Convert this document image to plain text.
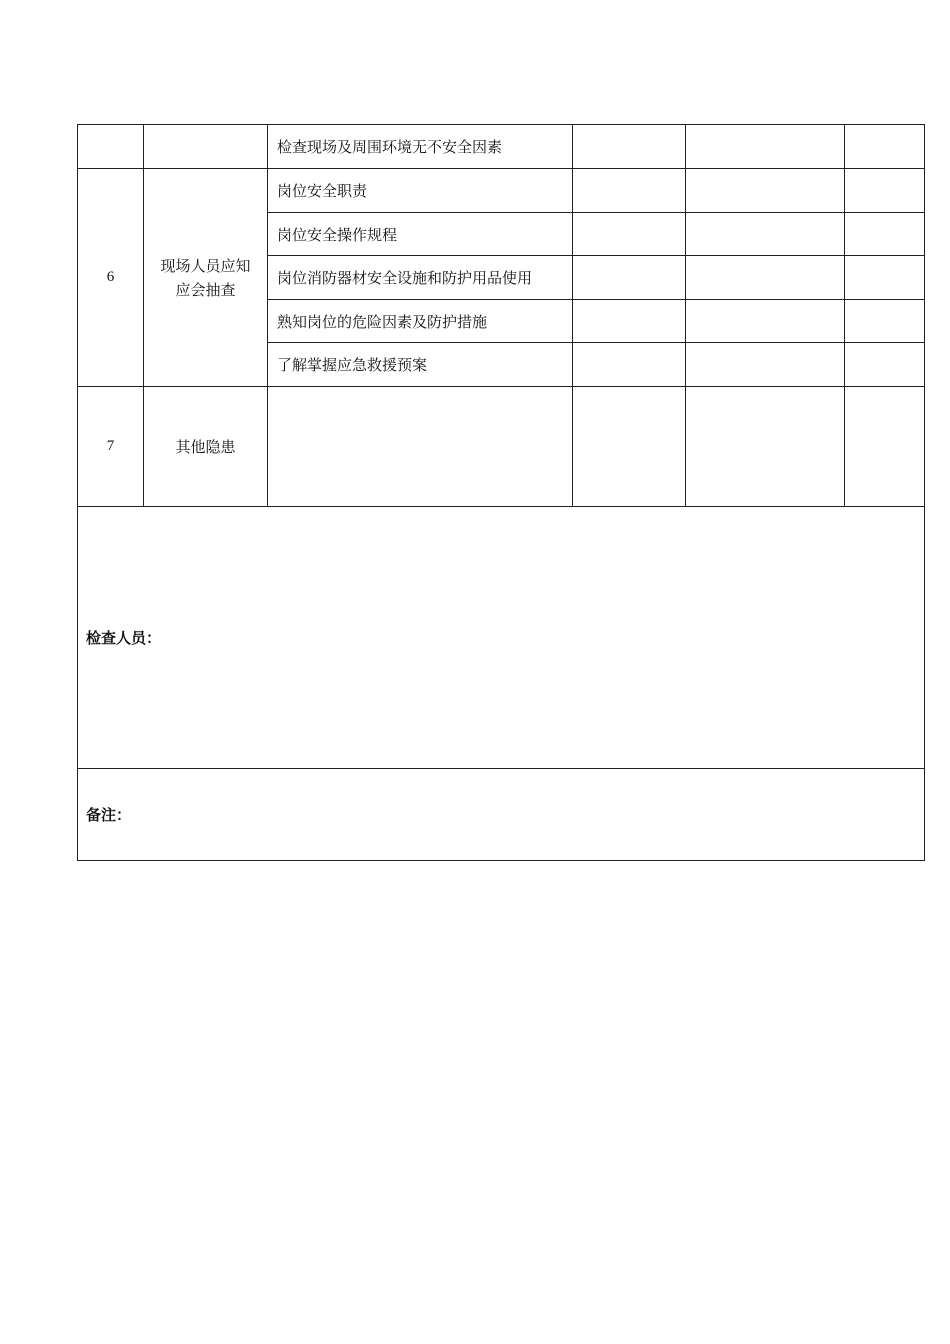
		检查现场及周围环境无不安全因素			
6	现场人员应知应会抽查	岗位安全职责			
		岗位安全操作规程			
		岗位消防器材安全设施和防护用品使用			
		熟知岗位的危险因素及防护措施			
		了解掌握应急救援预案			
7	其他隐患				
检查人员：					
备注：					
